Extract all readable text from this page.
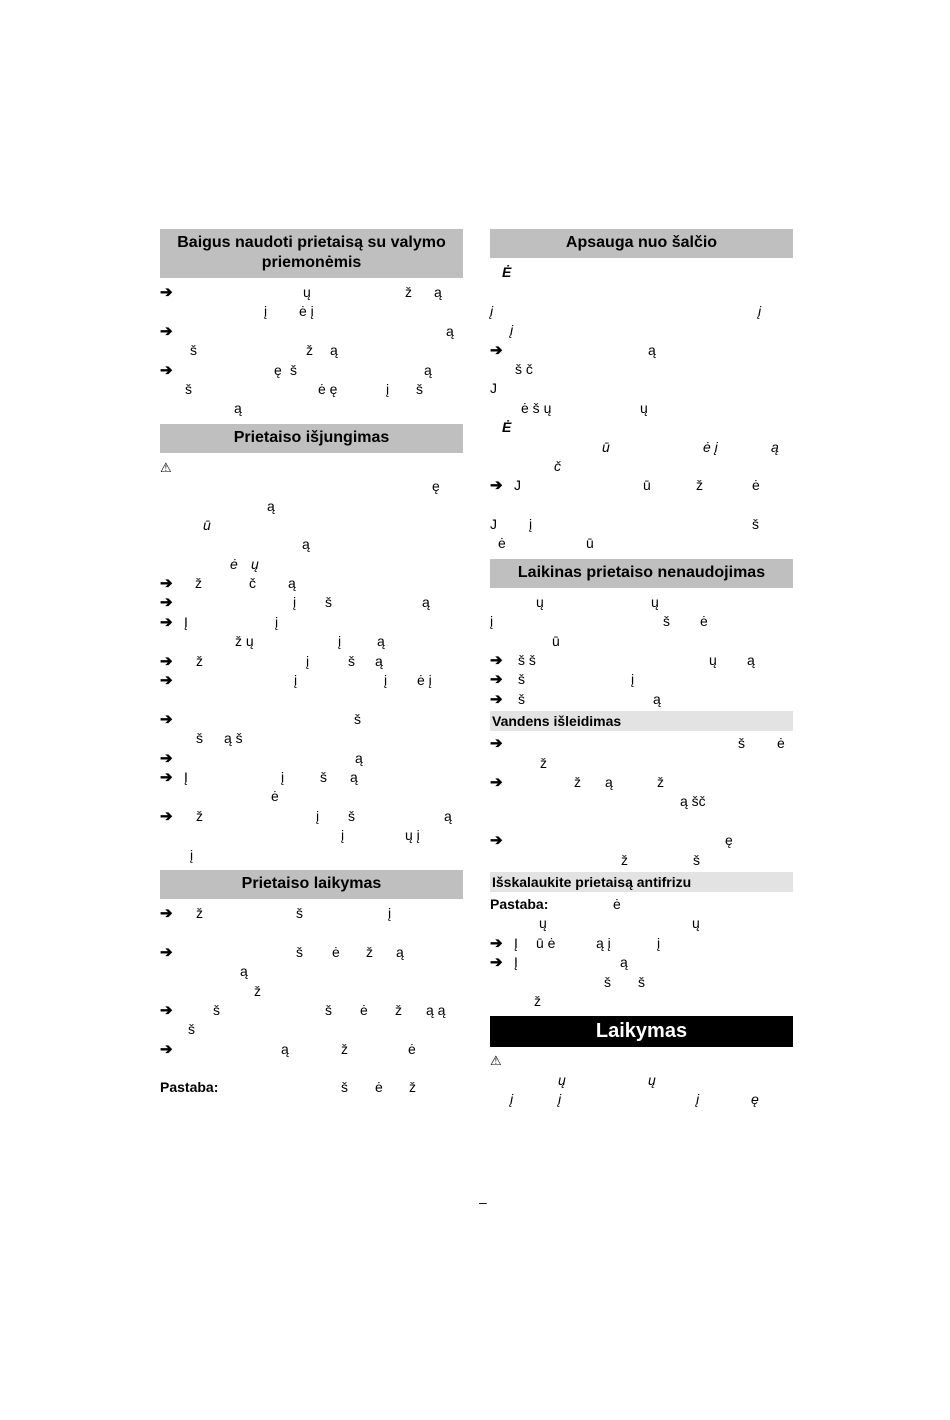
Baigus naudoti prietaisą su valymo priemonėmis
➔	ų	ž ą
į ė į
➔	ą
š	ž ą
➔	ę š	ą
š	ė ę	į š
ą
Prietaiso išjungimas
⚠
ę
ą
ū
ą
ė ų
➔ ž	č ą
➔	į š	ą
➔ Į	į
ž ų	į	ą
➔ ž	į	š ą
➔	į	į ė į
➔	š
š ą š
➔	ą
➔ Į	į	š ą
ė
➔ ž	į š	ą
į	ų į
į
Prietaiso laikymas
➔ ž	š	į
➔	š ė ž ą
ą
ž
➔	š	š ė ž ą ą
š
➔	ą	ž	ė
Pastaba:	š ė ž
Apsauga nuo šalčio
Ė
į	į
į
➔	ą
š č
J
ė š ų	ų
Ė
ū	ė į	ą
č
➔ J	ū	ž	ė
J į	š
ė	ū
Laikinas prietaiso nenaudojimas
ų	ų
į	š ė
ū
➔ š š	ų ą
➔ š	į
➔ š	ą
Vandens išleidimas
➔	š ė
ž
➔	ž ą	ž
ą šč
➔	ę
ž	š
Išskalaukite prietaisą antifrizu
Pastaba:	ė
ų	ų
➔ Į ū ė	ą į	į
➔ Į	ą
š š
ž
Laikymas
⚠
ų	ų
į	į	į	ę
–
